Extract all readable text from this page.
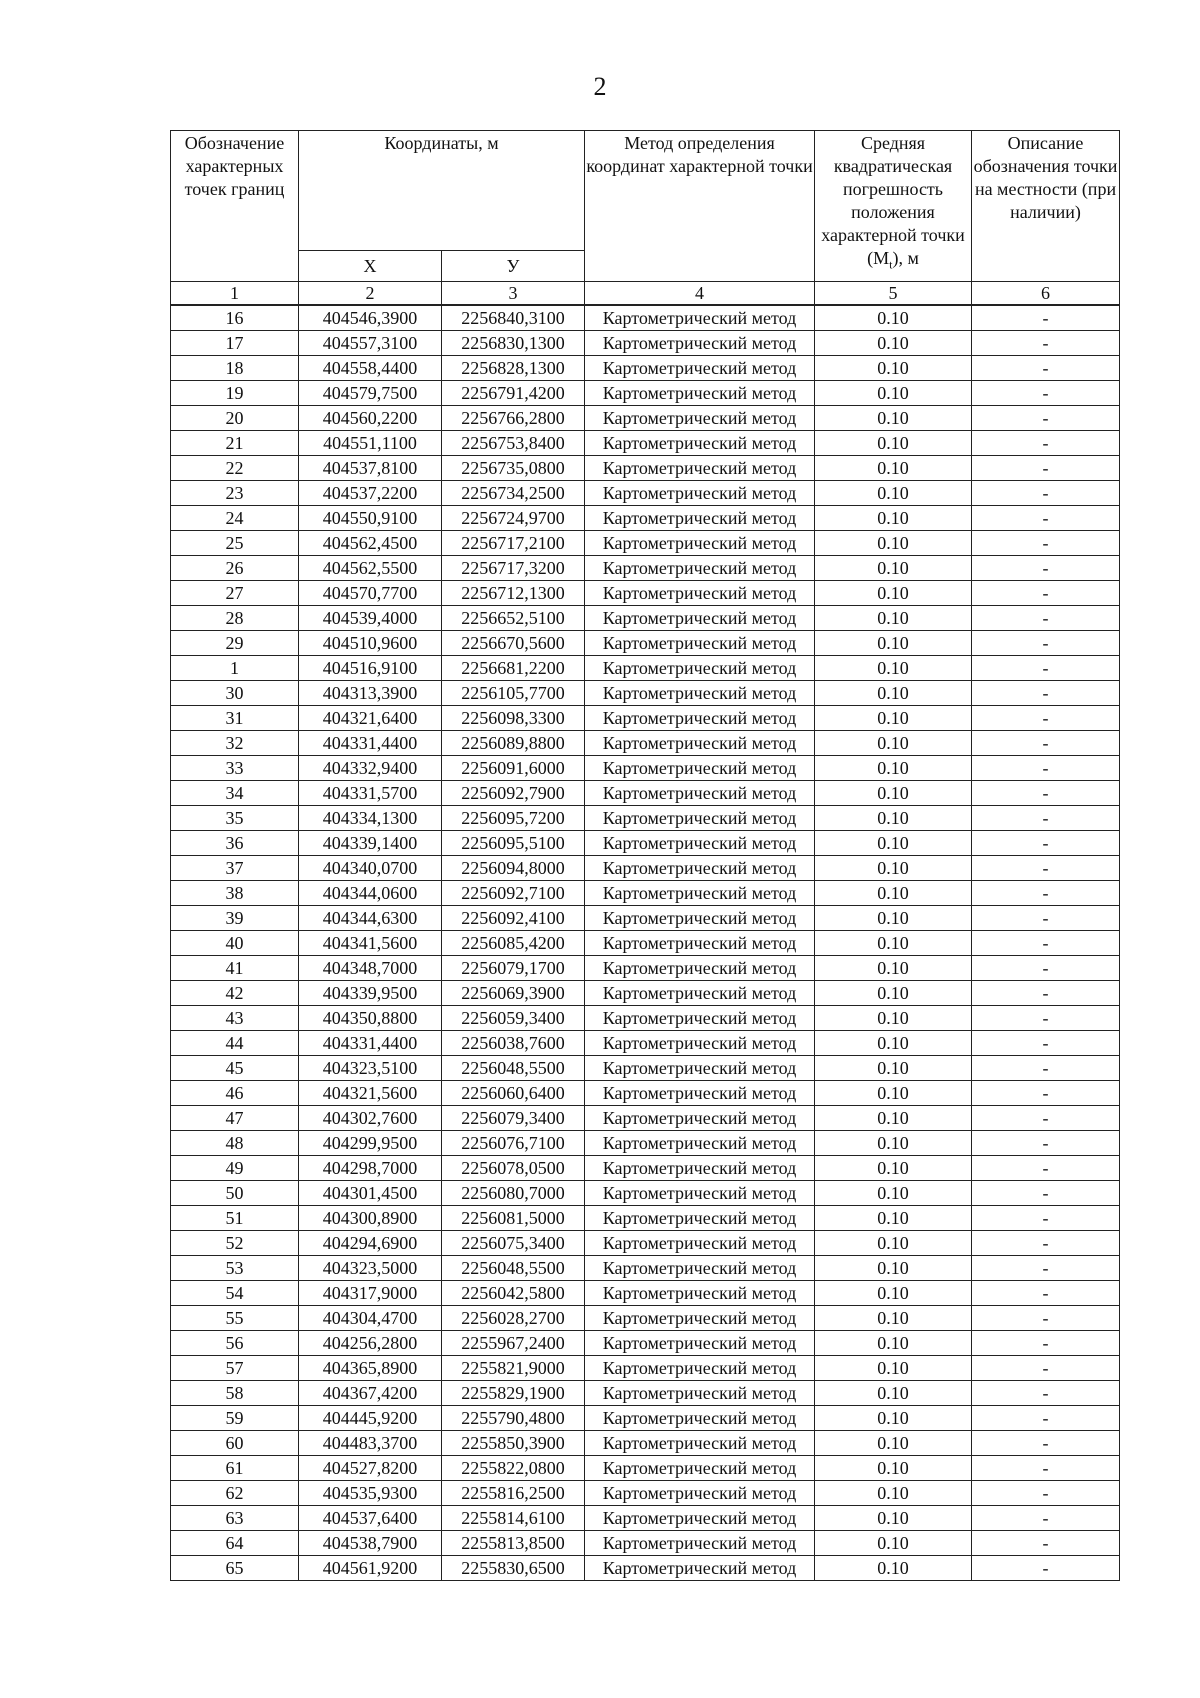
2
Обозначение характерных точек границ	Координаты, м		Метод определения координат характерной точки	Средняя квадратическая погрешность положения характерной точки $(M_t)$, м	Описание обозначения точки на местности (при наличии)
	X	У			
1	2	3	4	5	6
16	404546,3900	2256840,3100	Картометрический метод	0.10	-
17	404557,3100	2256830,1300	Картометрический метод	0.10	-
18	404558,4400	2256828,1300	Картометрический метод	0.10	-
19	404579,7500	2256791,4200	Картометрический метод	0.10	-
20	404560,2200	2256766,2800	Картометрический метод	0.10	-
21	404551,1100	2256753,8400	Картометрический метод	0.10	-
22	404537,8100	2256735,0800	Картометрический метод	0.10	-
23	404537,2200	2256734,2500	Картометрический метод	0.10	-
24	404550,9100	2256724,9700	Картометрический метод	0.10	-
25	404562,4500	2256717,2100	Картометрический метод	0.10	-
26	404562,5500	2256717,3200	Картометрический метод	0.10	-
27	404570,7700	2256712,1300	Картометрический метод	0.10	-
28	404539,4000	2256652,5100	Картометрический метод	0.10	-
29	404510,9600	2256670,5600	Картометрический метод	0.10	-
1	404516,9100	2256681,2200	Картометрический метод	0.10	-
30	404313,3900	2256105,7700	Картометрический метод	0.10	-
31	404321,6400	2256098,3300	Картометрический метод	0.10	-
32	404331,4400	2256089,8800	Картометрический метод	0.10	-
33	404332,9400	2256091,6000	Картометрический метод	0.10	-
34	404331,5700	2256092,7900	Картометрический метод	0.10	-
35	404334,1300	2256095,7200	Картометрический метод	0.10	-
36	404339,1400	2256095,5100	Картометрический метод	0.10	-
37	404340,0700	2256094,8000	Картометрический метод	0.10	-
38	404344,0600	2256092,7100	Картометрический метод	0.10	-
39	404344,6300	2256092,4100	Картометрический метод	0.10	-
40	404341,5600	2256085,4200	Картометрический метод	0.10	-
41	404348,7000	2256079,1700	Картометрический метод	0.10	-
42	404339,9500	2256069,3900	Картометрический метод	0.10	-
43	404350,8800	2256059,3400	Картометрический метод	0.10	-
44	404331,4400	2256038,7600	Картометрический метод	0.10	-
45	404323,5100	2256048,5500	Картометрический метод	0.10	-
46	404321,5600	2256060,6400	Картометрический метод	0.10	-
47	404302,7600	2256079,3400	Картометрический метод	0.10	-
48	404299,9500	2256076,7100	Картометрический метод	0.10	-
49	404298,7000	2256078,0500	Картометрический метод	0.10	-
50	404301,4500	2256080,7000	Картометрический метод	0.10	-
51	404300,8900	2256081,5000	Картометрический метод	0.10	-
52	404294,6900	2256075,3400	Картометрический метод	0.10	-
53	404323,5000	2256048,5500	Картометрический метод	0.10	-
54	404317,9000	2256042,5800	Картометрический метод	0.10	-
55	404304,4700	2256028,2700	Картометрический метод	0.10	-
56	404256,2800	2255967,2400	Картометрический метод	0.10	-
57	404365,8900	2255821,9000	Картометрический метод	0.10	-
58	404367,4200	2255829,1900	Картометрический метод	0.10	-
59	404445,9200	2255790,4800	Картометрический метод	0.10	-
60	404483,3700	2255850,3900	Картометрический метод	0.10	-
61	404527,8200	2255822,0800	Картометрический метод	0.10	-
62	404535,9300	2255816,2500	Картометрический метод	0.10	-
63	404537,6400	2255814,6100	Картометрический метод	0.10	-
64	404538,7900	2255813,8500	Картометрический метод	0.10	-
65	404561,9200	2255830,6500	Картометрический метод	0.10	-
